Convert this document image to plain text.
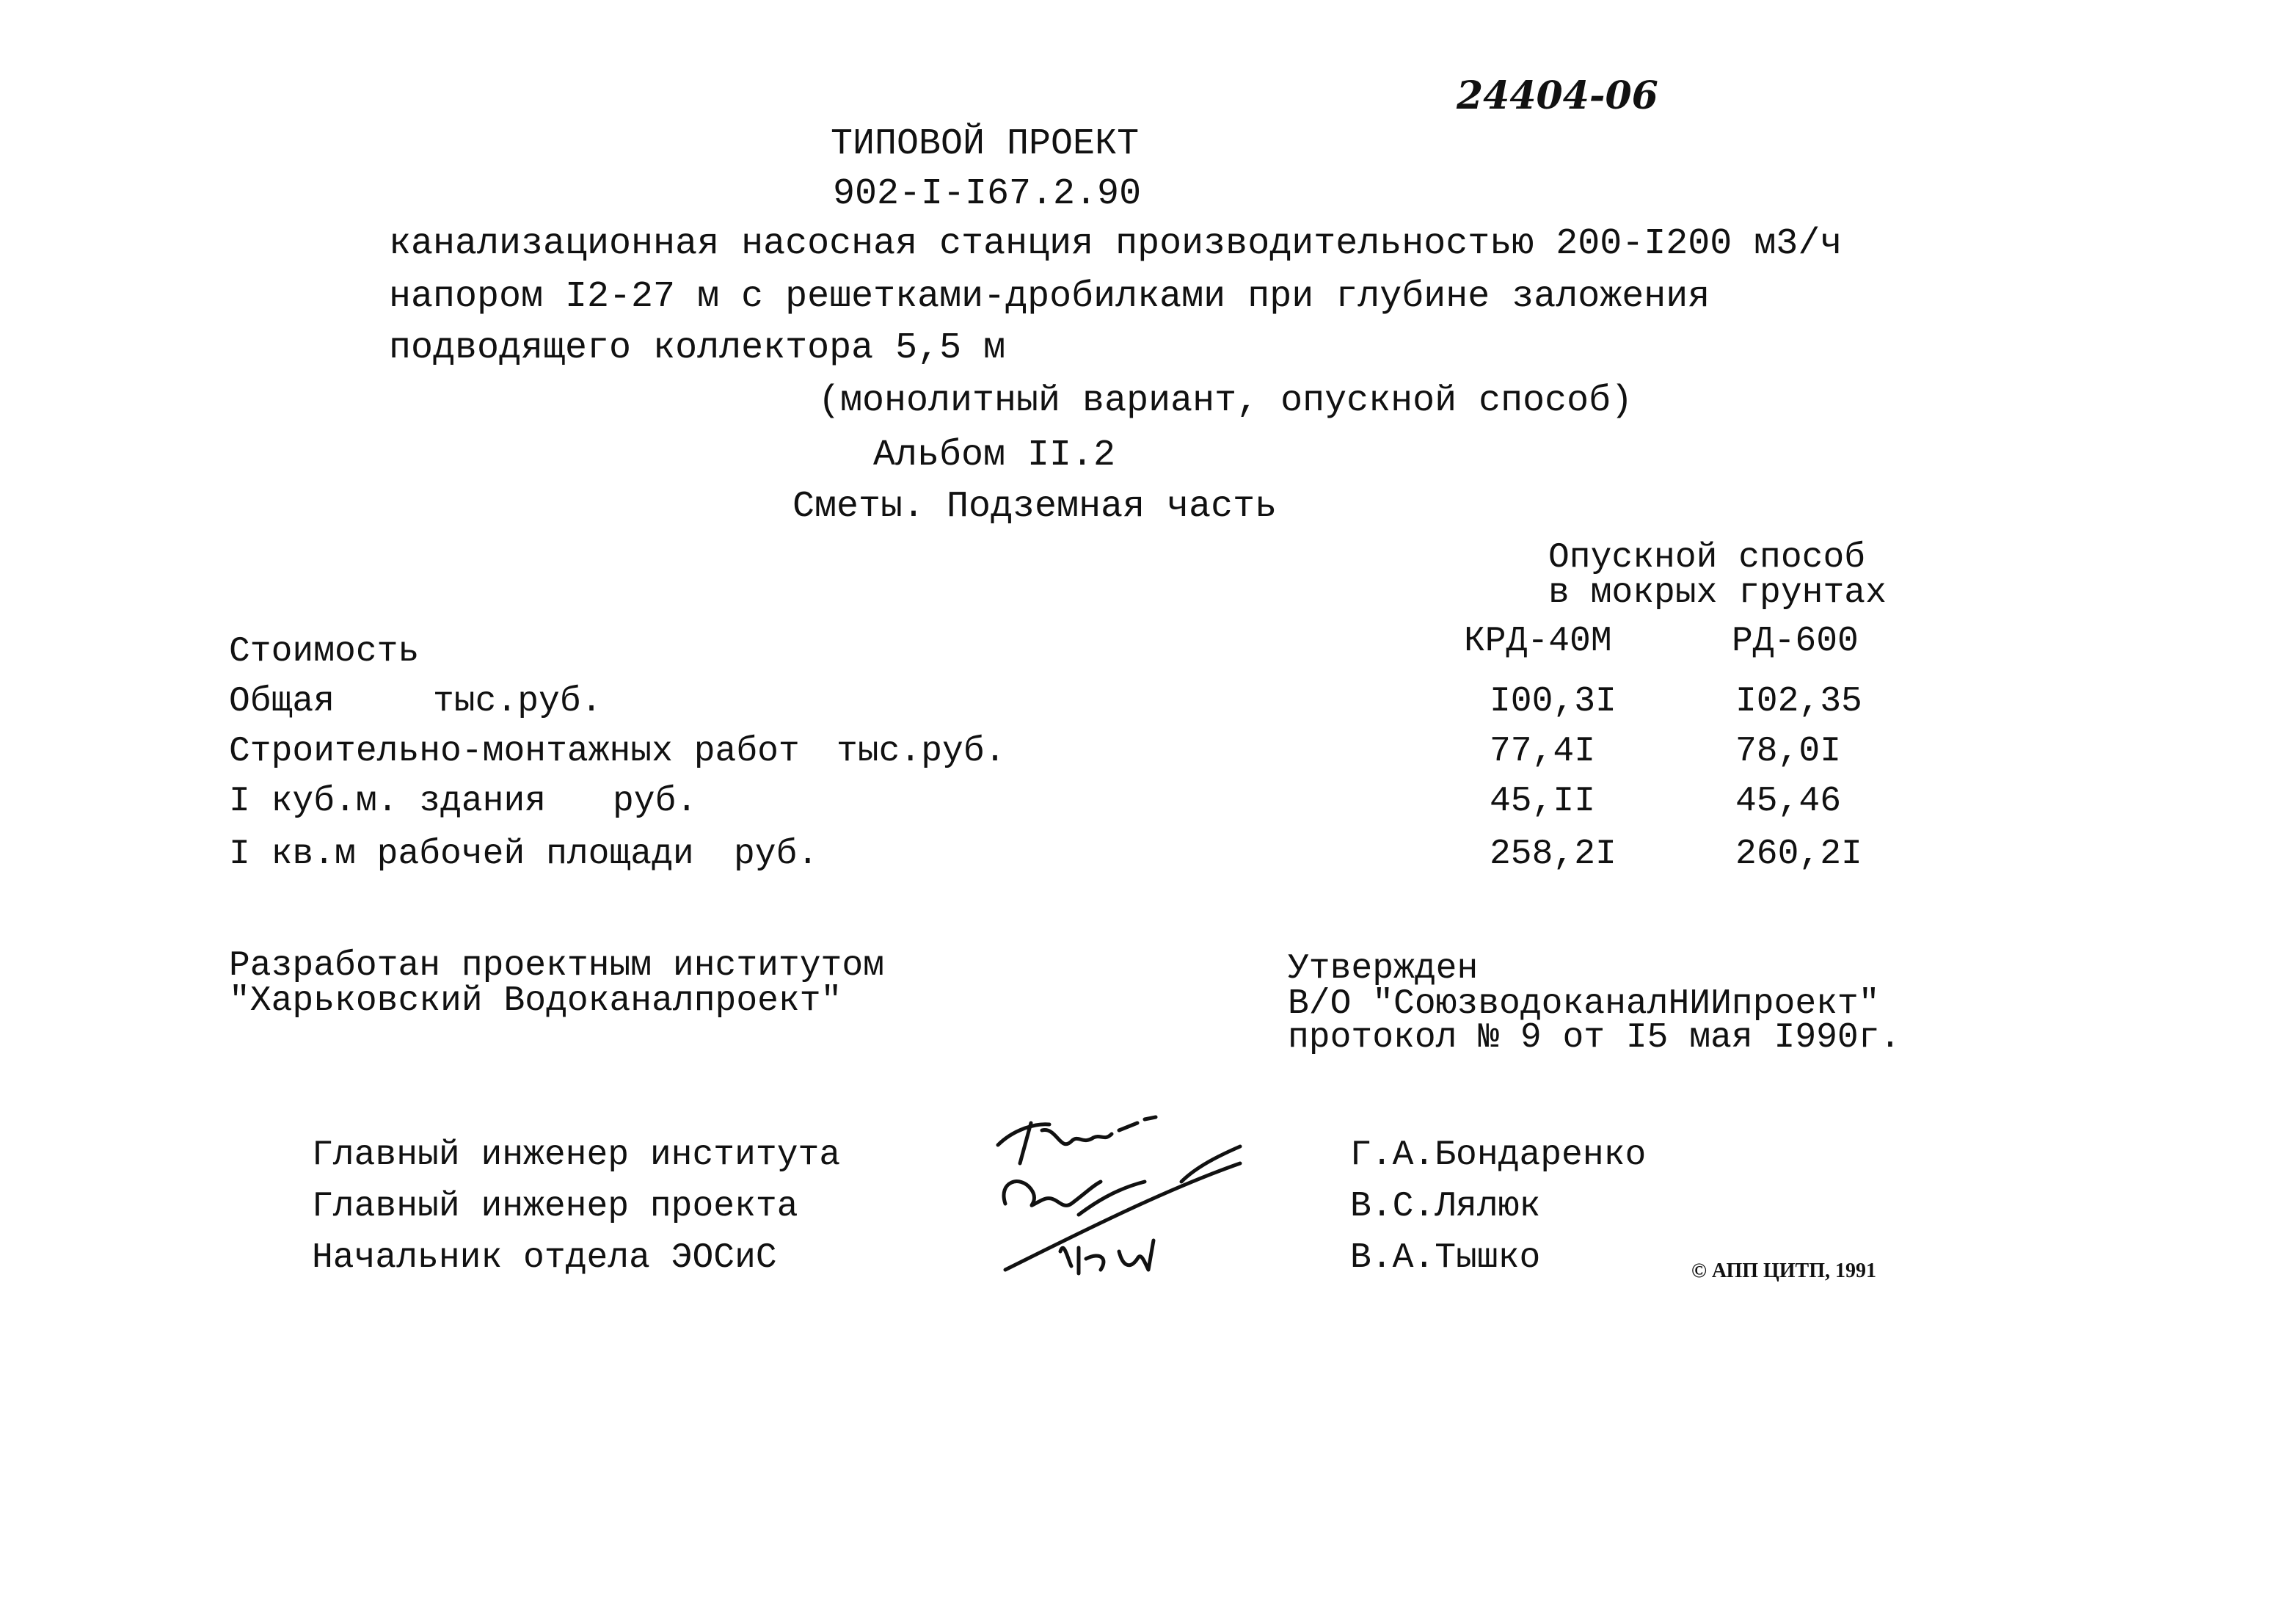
24404-06
ТИПОВОЙ ПРОЕКТ
902-I-I67.2.90
канализационная насосная станция производительностью 200-I200 м3/ч
напором I2-27 м с решетками-дробилками при глубине заложения
подводящего коллектора 5,5 м
(монолитный вариант, опускной способ)
Альбом II.2
Сметы. Подземная часть
Опускной способ
в мокрых грунтах
Стоимость	КРД-40М	РД-600
Общая	тыс.руб.	I00,3I	I02,35
Строительно-монтажных работ тыс.руб.	77,4I	78,0I
I куб.м. здания руб.	45,II	45,46
I кв.м рабочей площади руб.	258,2I	260,2I
Разработан проектным институтом
"Харьковский Водоканалпроект"
Утвержден
В/О "СоюзводоканалНИИпроект"
протокол № 9 от I5 мая I990г.
Главный инженер института
Главный инженер проекта
Начальник отдела ЭОСиС
Г.А.Бондаренко
В.С.Лялюк
В.А.Тышко	© АПП ЦИТП, 1991
